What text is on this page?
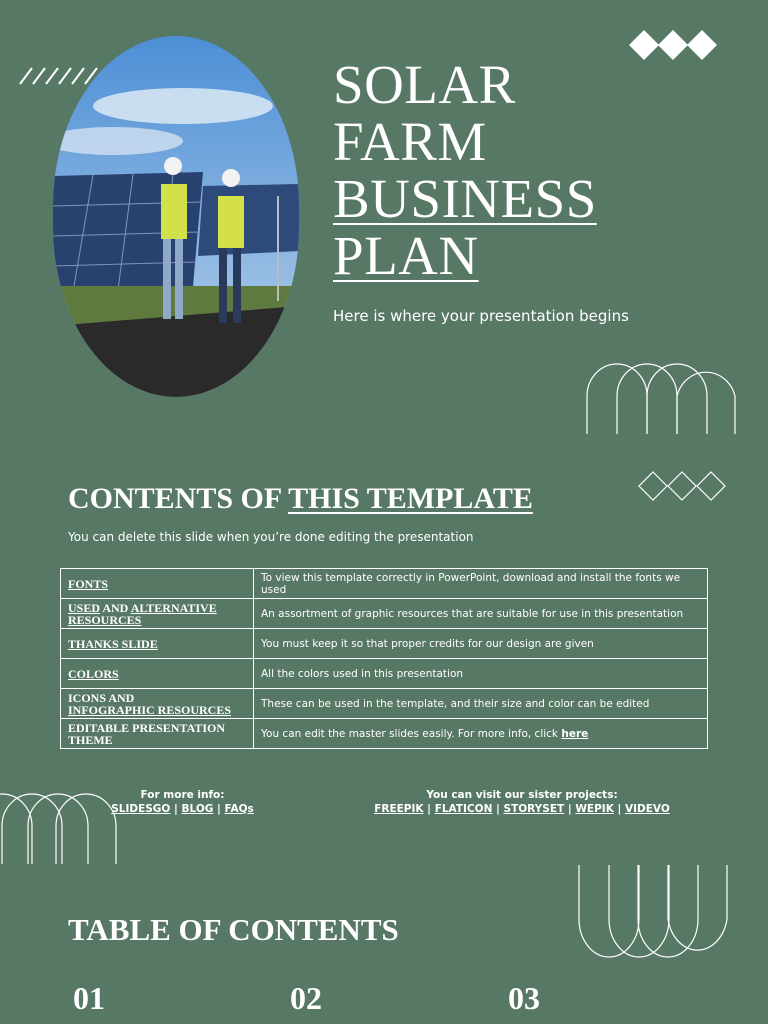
SOLAR
FARM
BUSINESS
PLAN
Here is where your presentation begins
CONTENTS OF THIS TEMPLATE
You can delete this slide when you’re done editing the presentation
FONTS	To view this template correctly in PowerPoint, download and install the fonts we used
USED AND ALTERNATIVE RESOURCES	An assortment of graphic resources that are suitable for use in this presentation
THANKS SLIDE	You must keep it so that proper credits for our design are given
COLORS	All the colors used in this presentation
ICONS AND
INFOGRAPHIC RESOURCES	These can be used in the template, and their size and color can be edited
EDITABLE PRESENTATION THEME	You can edit the master slides easily. For more info, click here
For more info:
SLIDESGO | BLOG | FAQs
You can visit our sister projects:
FREEPIK | FLATICON | STORYSET | WEPIK | VIDEVO
TABLE OF CONTENTS
01	02	03
